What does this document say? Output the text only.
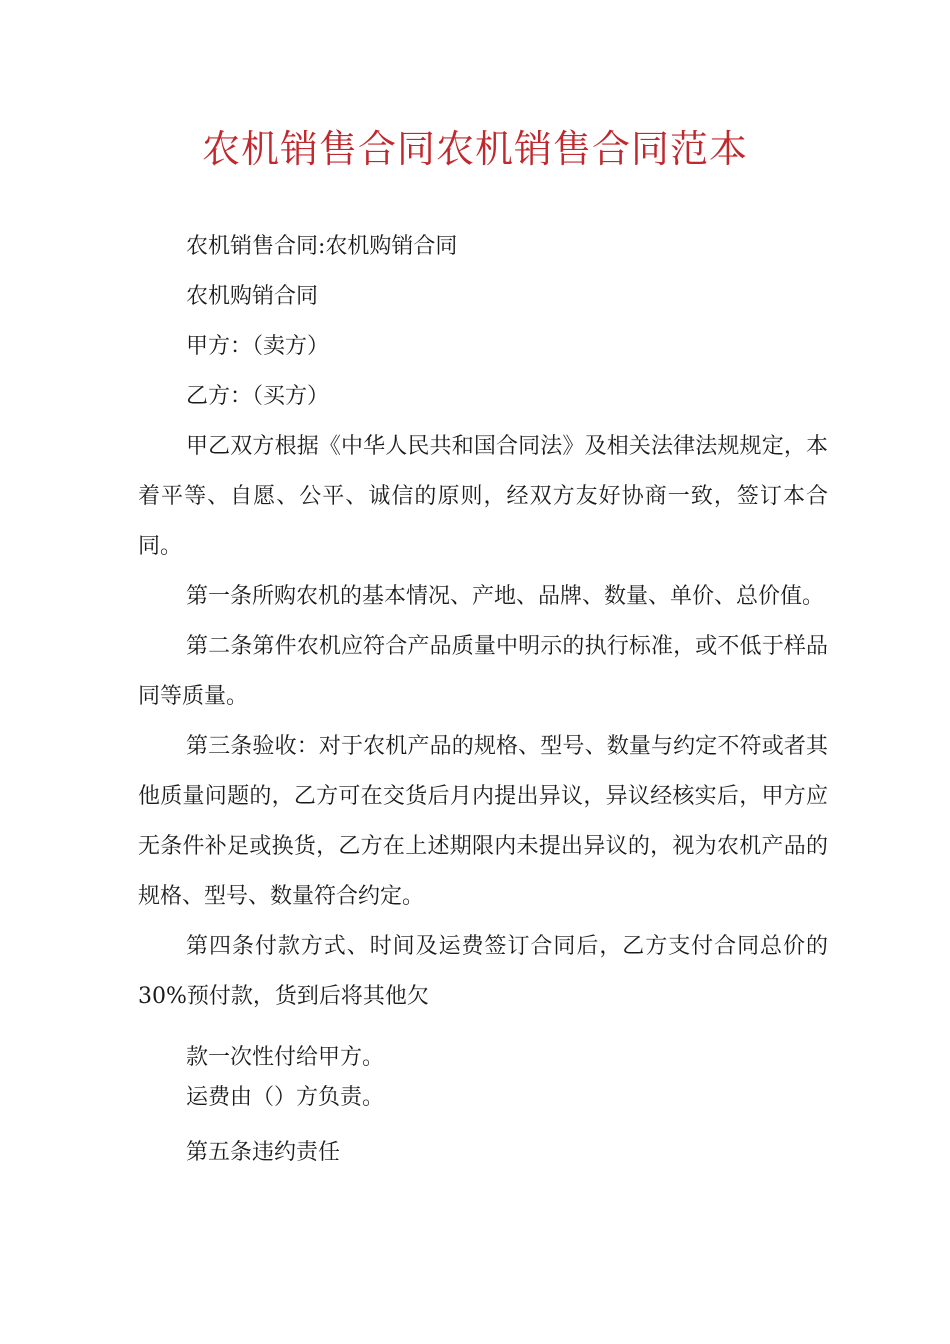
农机销售合同农机销售合同范本

农机销售合同:农机购销合同

农机购销合同

甲方：（卖方）

乙方：（买方）

甲乙双方根据《中华人民共和国合同法》及相关法律法规规定，本着平等、自愿、公平、诚信的原则，经双方友好协商一致，签订本合同。

第一条所购农机的基本情况、产地、品牌、数量、单价、总价值。

第二条第件农机应符合产品质量中明示的执行标准，或不低于样品同等质量。

第三条验收：对于农机产品的规格、型号、数量与约定不符或者其他质量问题的，乙方可在交货后月内提出异议，异议经核实后，甲方应无条件补足或换货，乙方在上述期限内未提出异议的，视为农机产品的规格、型号、数量符合约定。

第四条付款方式、时间及运费签订合同后，乙方支付合同总价的30%预付款，货到后将其他欠

款一次性付给甲方。

运费由（）方负责。

第五条违约责任
